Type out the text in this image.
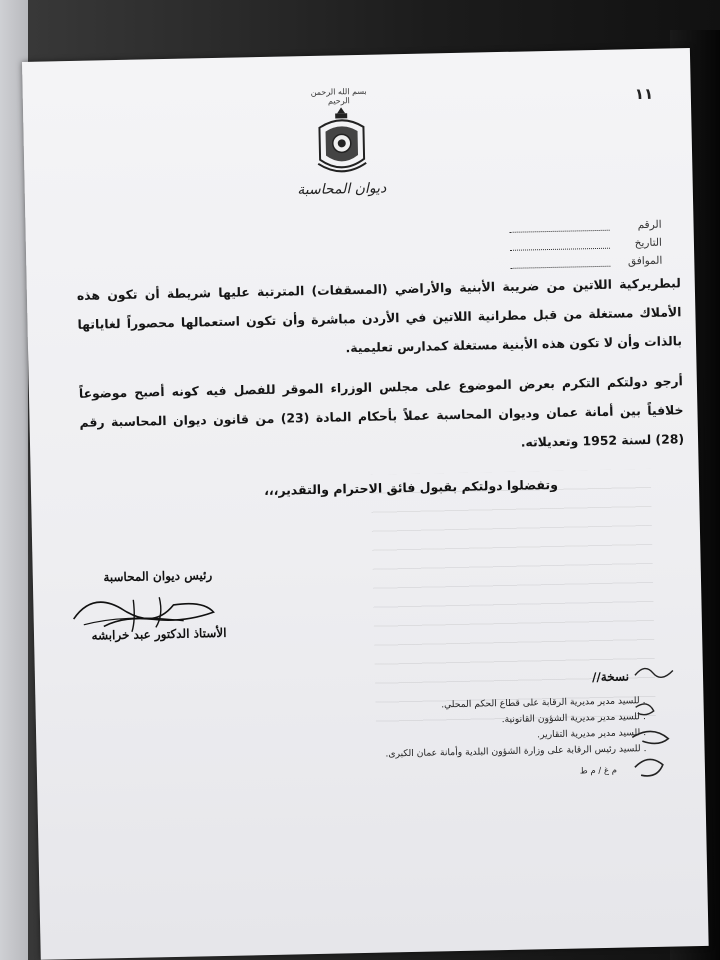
١١
بسم الله الرحمن الرحيم
ديوان المحاسبة
الرقم
التاريخ
الموافق
لبطريركية اللاتين من ضريبة الأبنية والأراضي (المسقفات) المترتبة عليها شريطة أن تكون هذه الأملاك مستغلة من قبل مطرانية اللاتين في الأردن مباشرة وأن تكون استعمالها محصوراً لغاياتها بالذات وأن لا تكون هذه الأبنية مستغلة كمدارس تعليمية.
أرجو دولتكم التكرم بعرض الموضوع على مجلس الوزراء الموقر للفصل فيه كونه أصبح موضوعاً خلافياً بين أمانة عمان وديوان المحاسبة عملاً بأحكام المادة (23) من قانون ديوان المحاسبة رقم (28) لسنة 1952 وتعديلاته.
وتفضلوا دولتكم بقبول فائق الاحترام والتقدير،،،
رئيس ديوان المحاسبة
الأستاذ الدكتور عبد خرابشه
نسخة//
. للسيد مدير مديرية الرقابة على قطاع الحكم المحلي.
. للسيد مدير مديرية الشؤون القانونية.
. للسيد مدير مديرية التقارير.
. للسيد رئيس الرقابة على وزارة الشؤون البلدية وأمانة عمان الكبرى.
م غ / م ط
